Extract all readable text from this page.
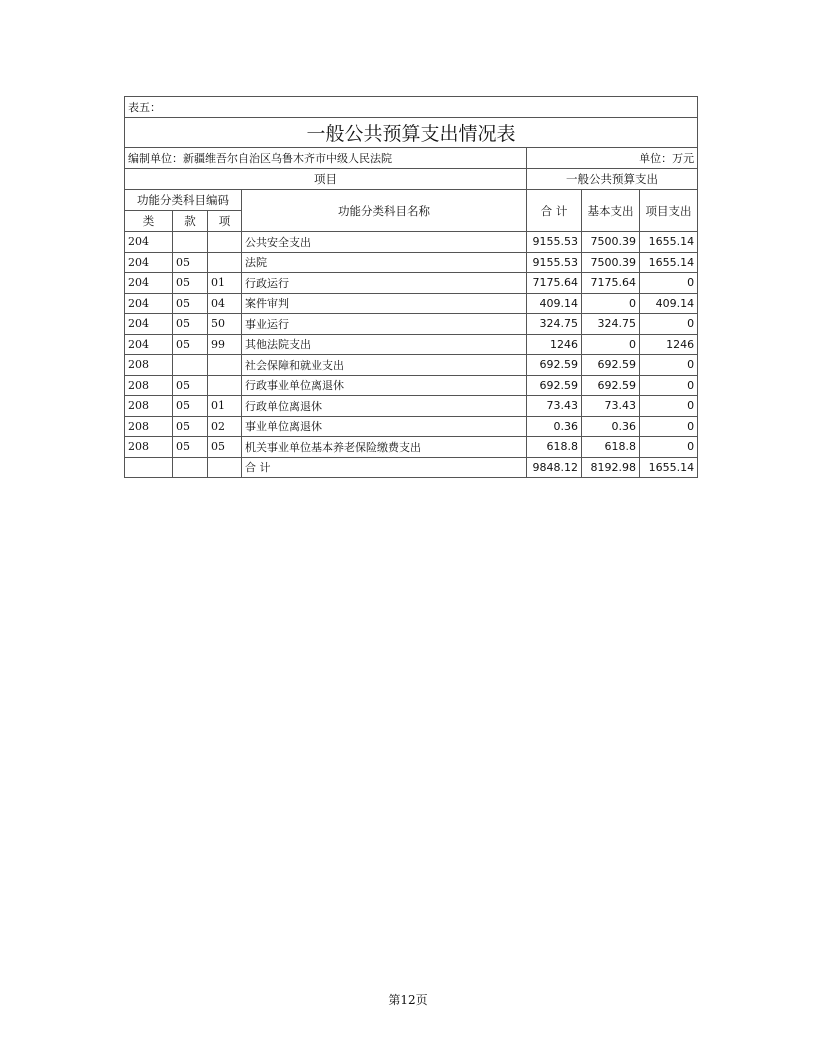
表五：						
一般公共预算支出情况表						
编制单位：新疆维吾尔自治区乌鲁木齐市中级人民法院				单位：万元		
项目				一般公共预算支出		
功能分类科目编码			功能分类科目名称	合 计	基本支出	项目支出
类	款	项				
204			公共安全支出	9155.53	7500.39	1655.14
204	05		法院	9155.53	7500.39	1655.14
204	05	01	行政运行	7175.64	7175.64	0
204	05	04	案件审判	409.14	0	409.14
204	05	50	事业运行	324.75	324.75	0
204	05	99	其他法院支出	1246	0	1246
208			社会保障和就业支出	692.59	692.59	0
208	05		行政事业单位离退休	692.59	692.59	0
208	05	01	行政单位离退休	73.43	73.43	0
208	05	02	事业单位离退休	0.36	0.36	0
208	05	05	机关事业单位基本养老保险缴费支出	618.8	618.8	0
			合 计	9848.12	8192.98	1655.14
第12页
